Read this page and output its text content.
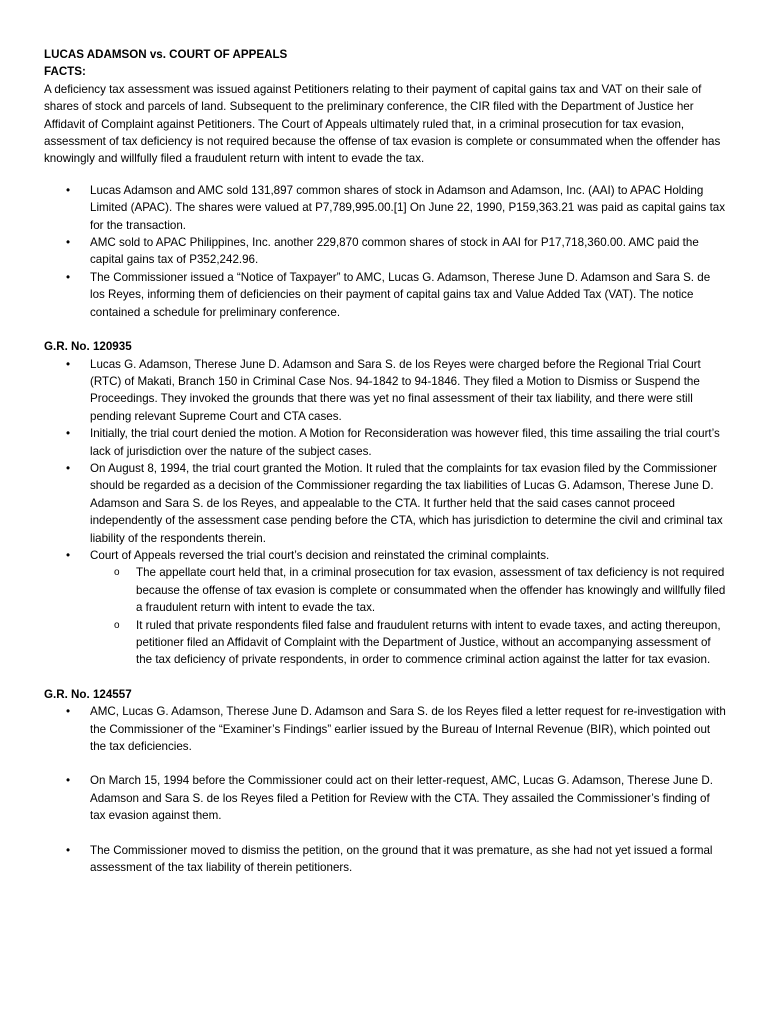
LUCAS ADAMSON vs. COURT OF APPEALS
FACTS:

A deficiency tax assessment was issued against Petitioners relating to their payment of capital gains tax and VAT on their sale of shares of stock and parcels of land. Subsequent to the preliminary conference, the CIR filed with the Department of Justice her Affidavit of Complaint against Petitioners. The Court of Appeals ultimately ruled that, in a criminal prosecution for tax evasion, assessment of tax deficiency is not required because the offense of tax evasion is complete or consummated when the offender has knowingly and willfully filed a fraudulent return with intent to evade the tax.

• Lucas Adamson and AMC sold 131,897 common shares of stock in Adamson and Adamson, Inc. (AAI) to APAC Holding Limited (APAC). The shares were valued at P7,789,995.00.[1] On June 22, 1990, P159,363.21 was paid as capital gains tax for the transaction.
• AMC sold to APAC Philippines, Inc. another 229,870 common shares of stock in AAI for P17,718,360.00. AMC paid the capital gains tax of P352,242.96.
• The Commissioner issued a “Notice of Taxpayer” to AMC, Lucas G. Adamson, Therese June D. Adamson and Sara S. de los Reyes, informing them of deficiencies on their payment of capital gains tax and Value Added Tax (VAT). The notice contained a schedule for preliminary conference.
G.R. No. 120935
• Lucas G. Adamson, Therese June D. Adamson and Sara S. de los Reyes were charged before the Regional Trial Court (RTC) of Makati, Branch 150 in Criminal Case Nos. 94-1842 to 94-1846. They filed a Motion to Dismiss or Suspend the Proceedings. They invoked the grounds that there was yet no final assessment of their tax liability, and there were still pending relevant Supreme Court and CTA cases.
• Initially, the trial court denied the motion. A Motion for Reconsideration was however filed, this time assailing the trial court’s lack of jurisdiction over the nature of the subject cases.
• On August 8, 1994, the trial court granted the Motion. It ruled that the complaints for tax evasion filed by the Commissioner should be regarded as a decision of the Commissioner regarding the tax liabilities of Lucas G. Adamson, Therese June D. Adamson and Sara S. de los Reyes, and appealable to the CTA. It further held that the said cases cannot proceed independently of the assessment case pending before the CTA, which has jurisdiction to determine the civil and criminal tax liability of the respondents therein.
• Court of Appeals reversed the trial court’s decision and reinstated the criminal complaints.
o The appellate court held that, in a criminal prosecution for tax evasion, assessment of tax deficiency is not required because the offense of tax evasion is complete or consummated when the offender has knowingly and willfully filed a fraudulent return with intent to evade the tax.
o It ruled that private respondents filed false and fraudulent returns with intent to evade taxes, and acting thereupon, petitioner filed an Affidavit of Complaint with the Department of Justice, without an accompanying assessment of the tax deficiency of private respondents, in order to commence criminal action against the latter for tax evasion.
G.R. No. 124557
• AMC, Lucas G. Adamson, Therese June D. Adamson and Sara S. de los Reyes filed a letter request for re-investigation with the Commissioner of the “Examiner’s Findings” earlier issued by the Bureau of Internal Revenue (BIR), which pointed out the tax deficiencies.
• On March 15, 1994 before the Commissioner could act on their letter-request, AMC, Lucas G. Adamson, Therese June D. Adamson and Sara S. de los Reyes filed a Petition for Review with the CTA. They assailed the Commissioner’s finding of tax evasion against them.
• The Commissioner moved to dismiss the petition, on the ground that it was premature, as she had not yet issued a formal assessment of the tax liability of therein petitioners.
